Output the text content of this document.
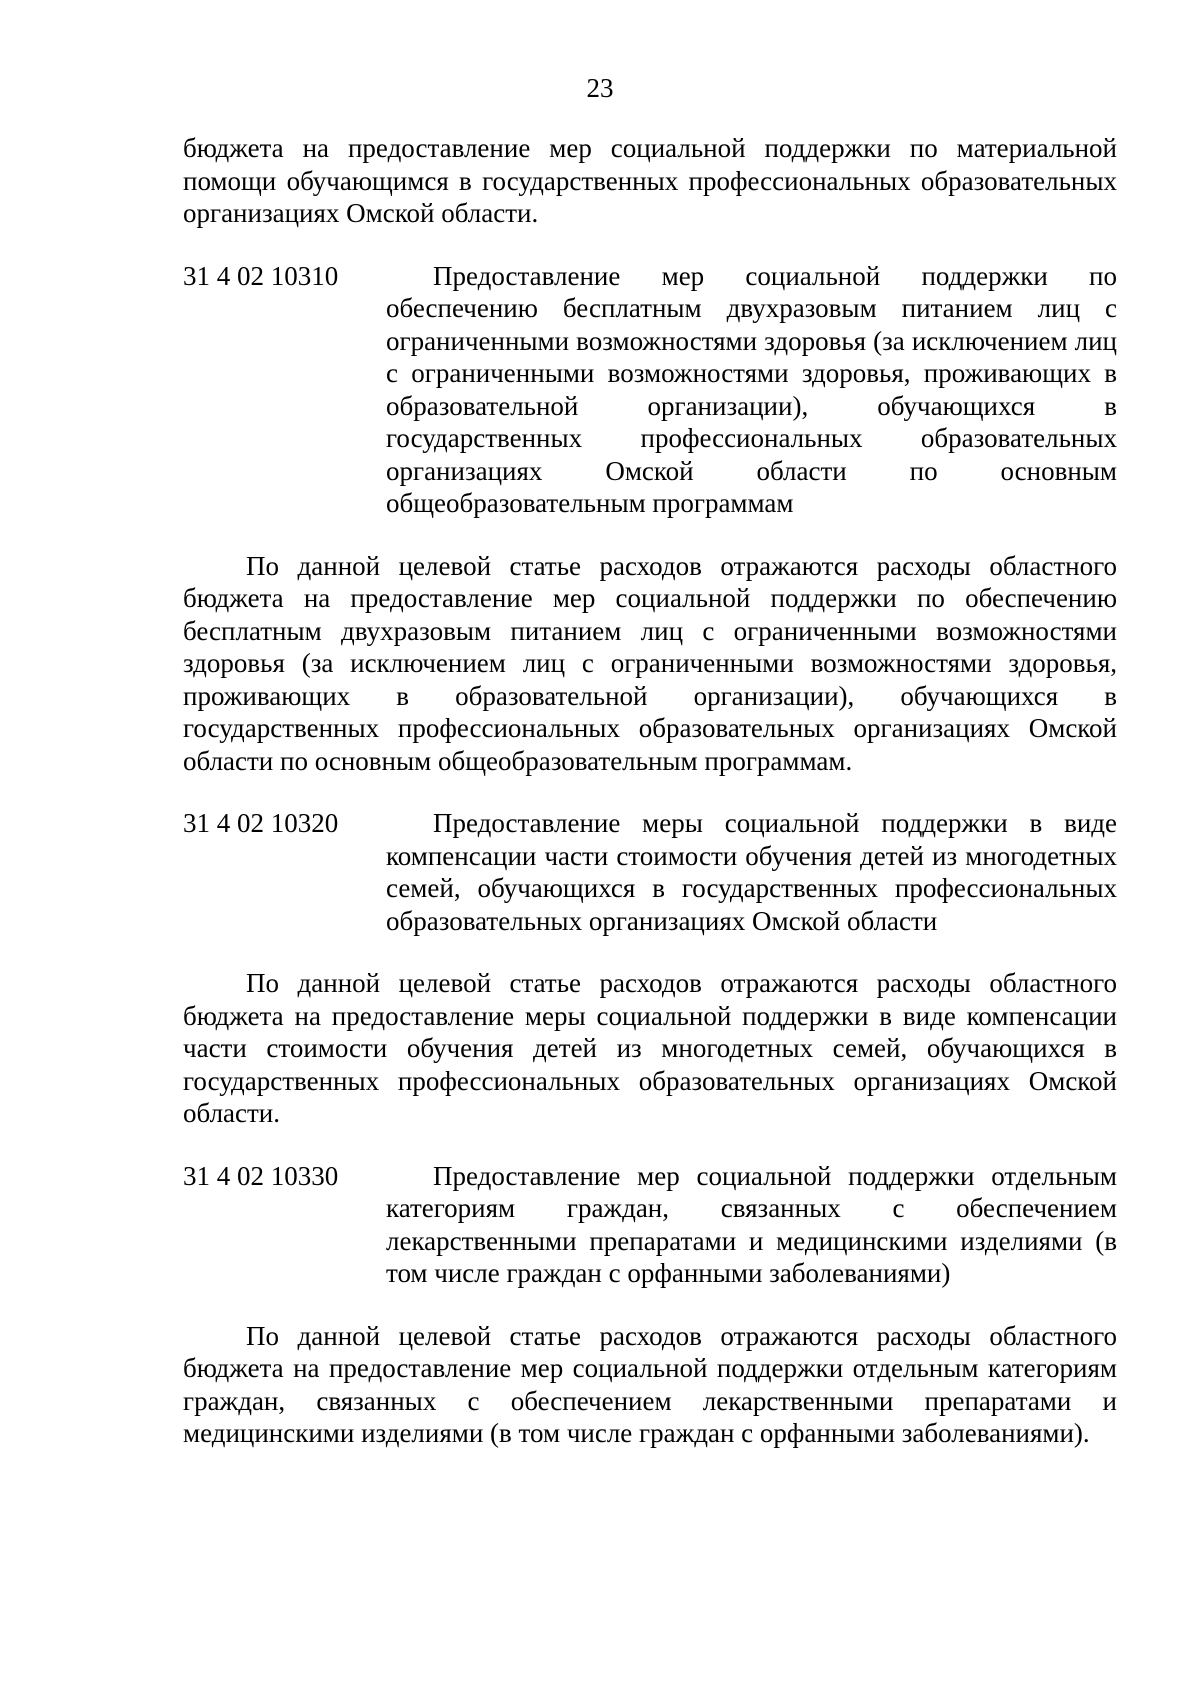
23

бюджета на предоставление мер социальной поддержки по материальной помощи обучающимся в государственных профессиональных образовательных организациях Омской области.

31 4 02 10310	Предоставление мер социальной поддержки по обеспечению бесплатным двухразовым питанием лиц с ограниченными возможностями здоровья (за исключением лиц с ограниченными возможностями здоровья, проживающих в образовательной организации), обучающихся в государственных профессиональных образовательных организациях Омской области по основным общеобразовательным программам

По данной целевой статье расходов отражаются расходы областного бюджета на предоставление мер социальной поддержки по обеспечению бесплатным двухразовым питанием лиц с ограниченными возможностями здоровья (за исключением лиц с ограниченными возможностями здоровья, проживающих в образовательной организации), обучающихся в государственных профессиональных образовательных организациях Омской области по основным общеобразовательным программам.

31 4 02 10320	Предоставление меры социальной поддержки в виде компенсации части стоимости обучения детей из многодетных семей, обучающихся в государственных профессиональных образовательных организациях Омской области

По данной целевой статье расходов отражаются расходы областного бюджета на предоставление меры социальной поддержки в виде компенсации части стоимости обучения детей из многодетных семей, обучающихся в государственных профессиональных образовательных организациях Омской области.

31 4 02 10330	Предоставление мер социальной поддержки отдельным категориям граждан, связанных с обеспечением лекарственными препаратами и медицинскими изделиями (в том числе граждан с орфанными заболеваниями)

По данной целевой статье расходов отражаются расходы областного бюджета на предоставление мер социальной поддержки отдельным категориям граждан, связанных с обеспечением лекарственными препаратами и медицинскими изделиями (в том числе граждан с орфанными заболеваниями).
